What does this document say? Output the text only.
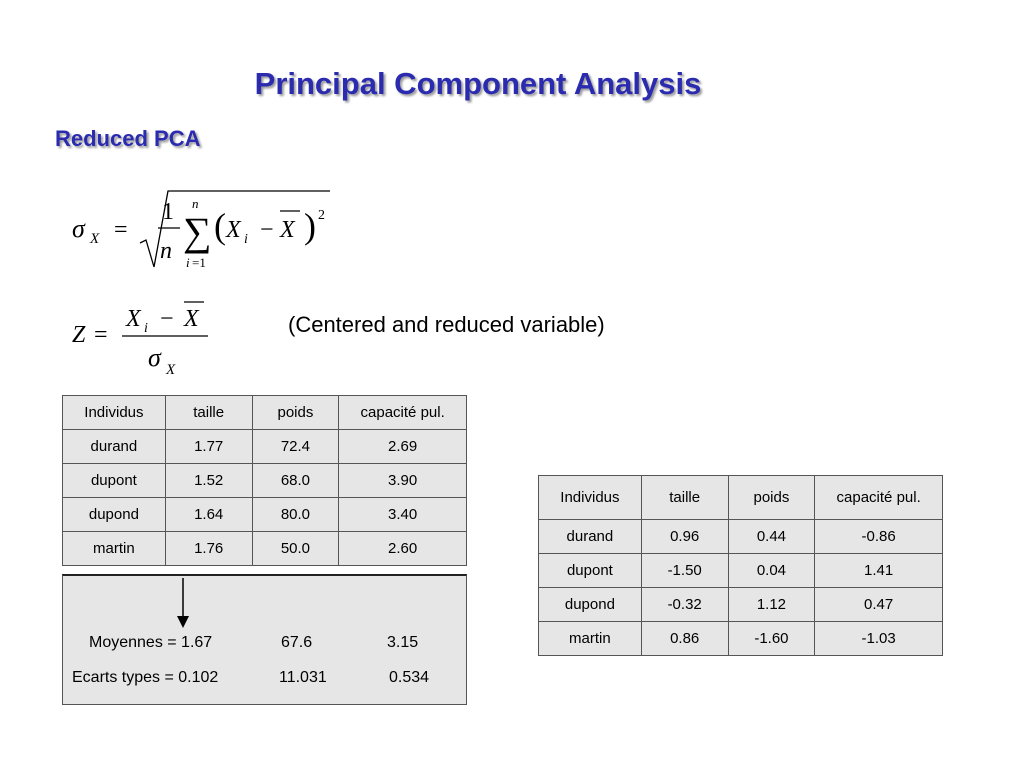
Principal Component Analysis
Reduced PCA
σ X =
1
n
n
∑
i =1
( X i − X ) 2
Z =
X i − X
σ X
(Centered and reduced variable)
Individus	taille	poids	capacité pul.
durand	1.77	72.4	2.69
dupont	1.52	68.0	3.90
dupond	1.64	80.0	3.40
martin	1.76	50.0	2.60
Moyennes = 1.67	67.6	3.15
Ecarts types = 0.102	11.031	0.534
Individus	taille	poids	capacité pul.
durand	0.96	0.44	-0.86
dupont	-1.50	0.04	1.41
dupond	-0.32	1.12	0.47
martin	0.86	-1.60	-1.03
